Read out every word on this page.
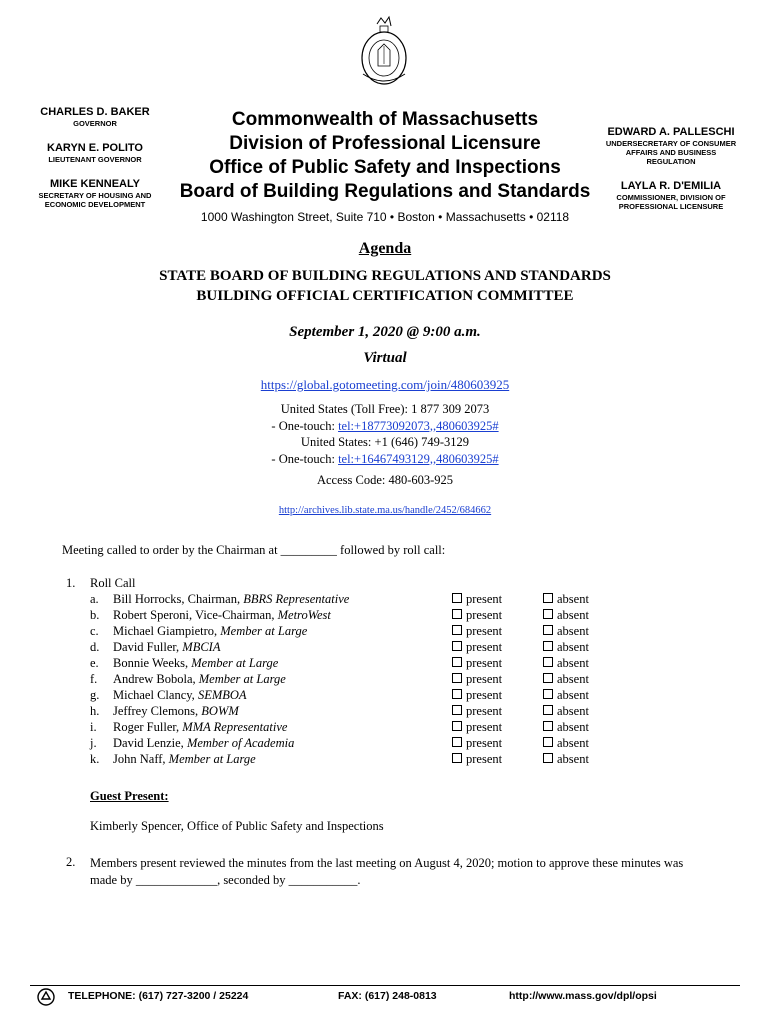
CHARLES D. BAKER

GOVERNOR

KARYN E. POLITO

LIEUTENANT GOVERNOR

MIKE KENNEALY

SECRETARY OF HOUSING AND

ECONOMIC DEVELOPMENT

Commonwealth of Massachusetts

Division of Professional Licensure

Office of Public Safety and Inspections

Board of Building Regulations and Standards

1000 Washington Street, Suite 710 • Boston • Massachusetts • 02118

EDWARD A. PALLESCHI

UNDERSECRETARY OF CONSUMER

AFFAIRS AND BUSINESS

REGULATION

LAYLA R. D'EMILIA

COMMISSIONER, DIVISION OF

PROFESSIONAL LICENSURE

Agenda
STATE BOARD OF BUILDING REGULATIONS AND STANDARDS
BUILDING OFFICIAL CERTIFICATION COMMITTEE
September 1, 2020 @ 9:00 a.m.
Virtual
https://global.gotomeeting.com/join/480603925
United States (Toll Free): 1 877 309 2073
- One-touch: tel:+18773092073,,480603925#
United States: +1 (646) 749-3129
- One-touch: tel:+16467493129,,480603925#
Access Code: 480-603-925
http://archives.lib.state.ma.us/handle/2452/684662
Meeting called to order by the Chairman at _________ followed by roll call:
1. Roll Call
a. Bill Horrocks, Chairman, BBRS Representative	present	absent
b. Robert Speroni, Vice-Chairman, MetroWest	present	absent
c. Michael Giampietro, Member at Large	present	absent
d. David Fuller, MBCIA	present	absent
e. Bonnie Weeks, Member at Large	present	absent
f. Andrew Bobola, Member at Large	present	absent
g. Michael Clancy, SEMBOA	present	absent
h. Jeffrey Clemons, BOWM	present	absent
i. Roger Fuller, MMA Representative	present	absent
j. David Lenzie, Member of Academia	present	absent
k. John Naff, Member at Large	present	absent
Guest Present:
Kimberly Spencer, Office of Public Safety and Inspections
2. Members present reviewed the minutes from the last meeting on August 4, 2020; motion to approve these minutes was made by _____________, seconded by ___________.
TELEPHONE: (617) 727-3200 / 25224	FAX: (617) 248-0813	http://www.mass.gov/dpl/opsi
